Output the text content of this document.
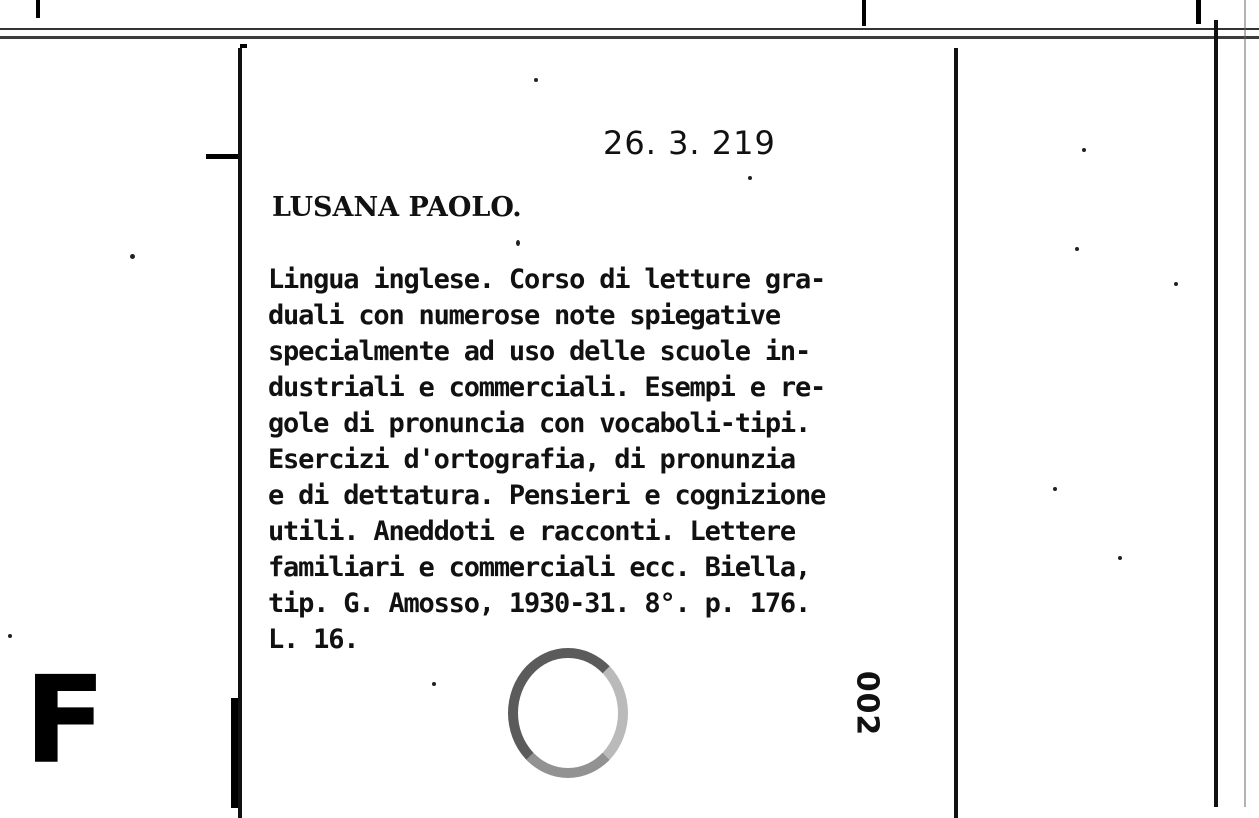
F
26. 3. 219
LUSANA PAOLO.
Lingua inglese. Corso di letture gra-
duali con numerose note spiegative
specialmente ad uso delle scuole in-
dustriali e commerciali. Esempi e re-
gole di pronuncia con vocaboli-tipi.
Esercizi d'ortografia, di pronunzia
e di dettatura. Pensieri e cognizione
utili. Aneddoti e racconti. Lettere
familiari e commerciali ecc. Biella,
tip. G. Amosso, 1930-31. 8°. p. 176.
L. 16.
002
